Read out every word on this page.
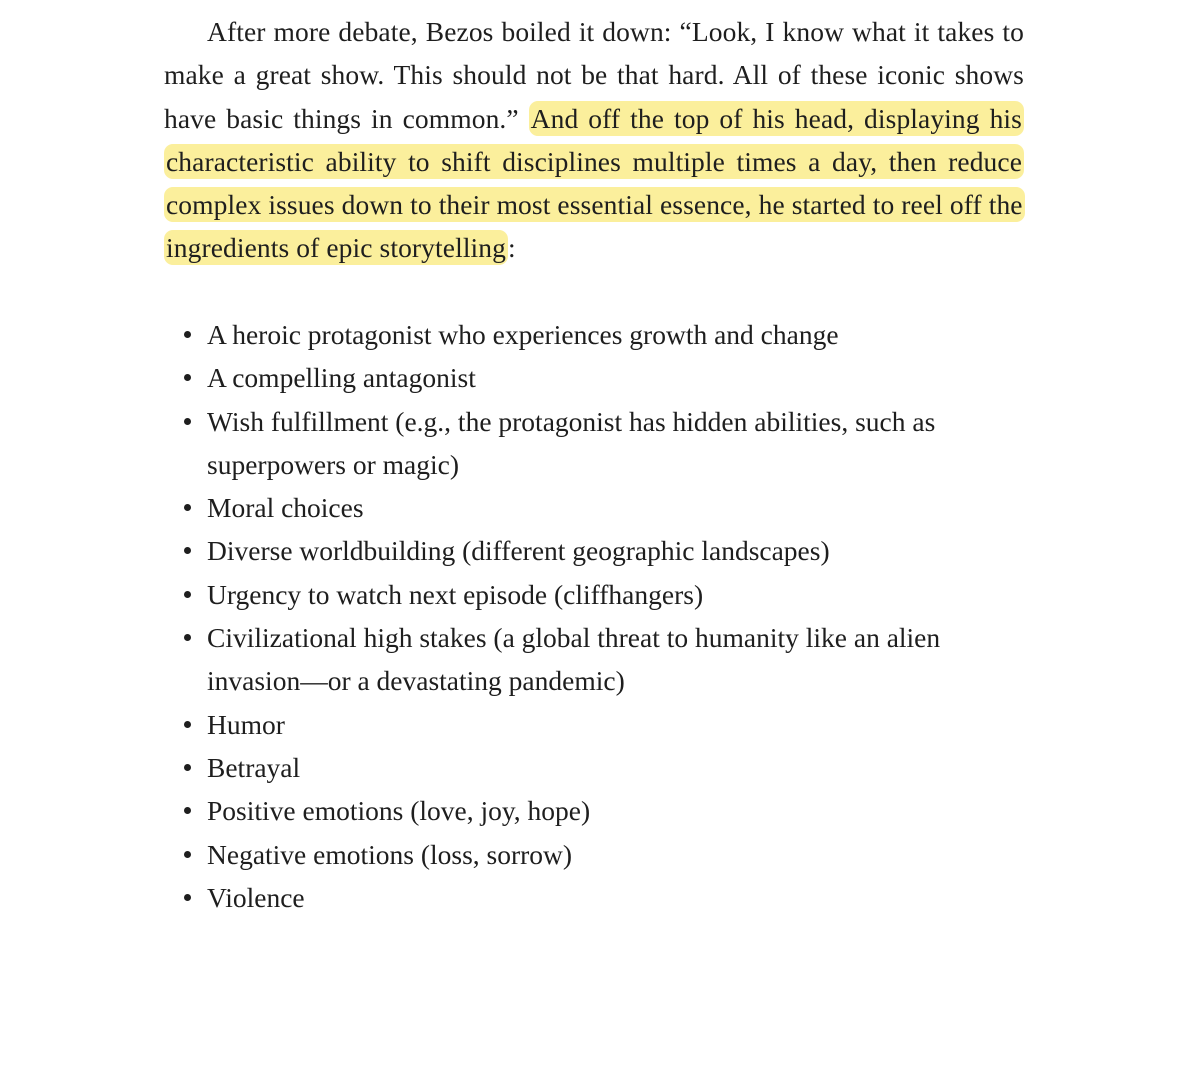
After more debate, Bezos boiled it down: “Look, I know what it takes to make a great show. This should not be that hard. All of these iconic shows have basic things in common.” And off the top of his head, displaying his characteristic ability to shift disciplines multiple times a day, then reduce complex issues down to their most essential essence, he started to reel off the ingredients of epic storytelling:

A heroic protagonist who experiences growth and change
A compelling antagonist
Wish fulfillment (e.g., the protagonist has hidden abilities, such as superpowers or magic)
Moral choices
Diverse worldbuilding (different geographic landscapes)
Urgency to watch next episode (cliffhangers)
Civilizational high stakes (a global threat to humanity like an alien invasion—or a devastating pandemic)
Humor
Betrayal
Positive emotions (love, joy, hope)
Negative emotions (loss, sorrow)
Violence
